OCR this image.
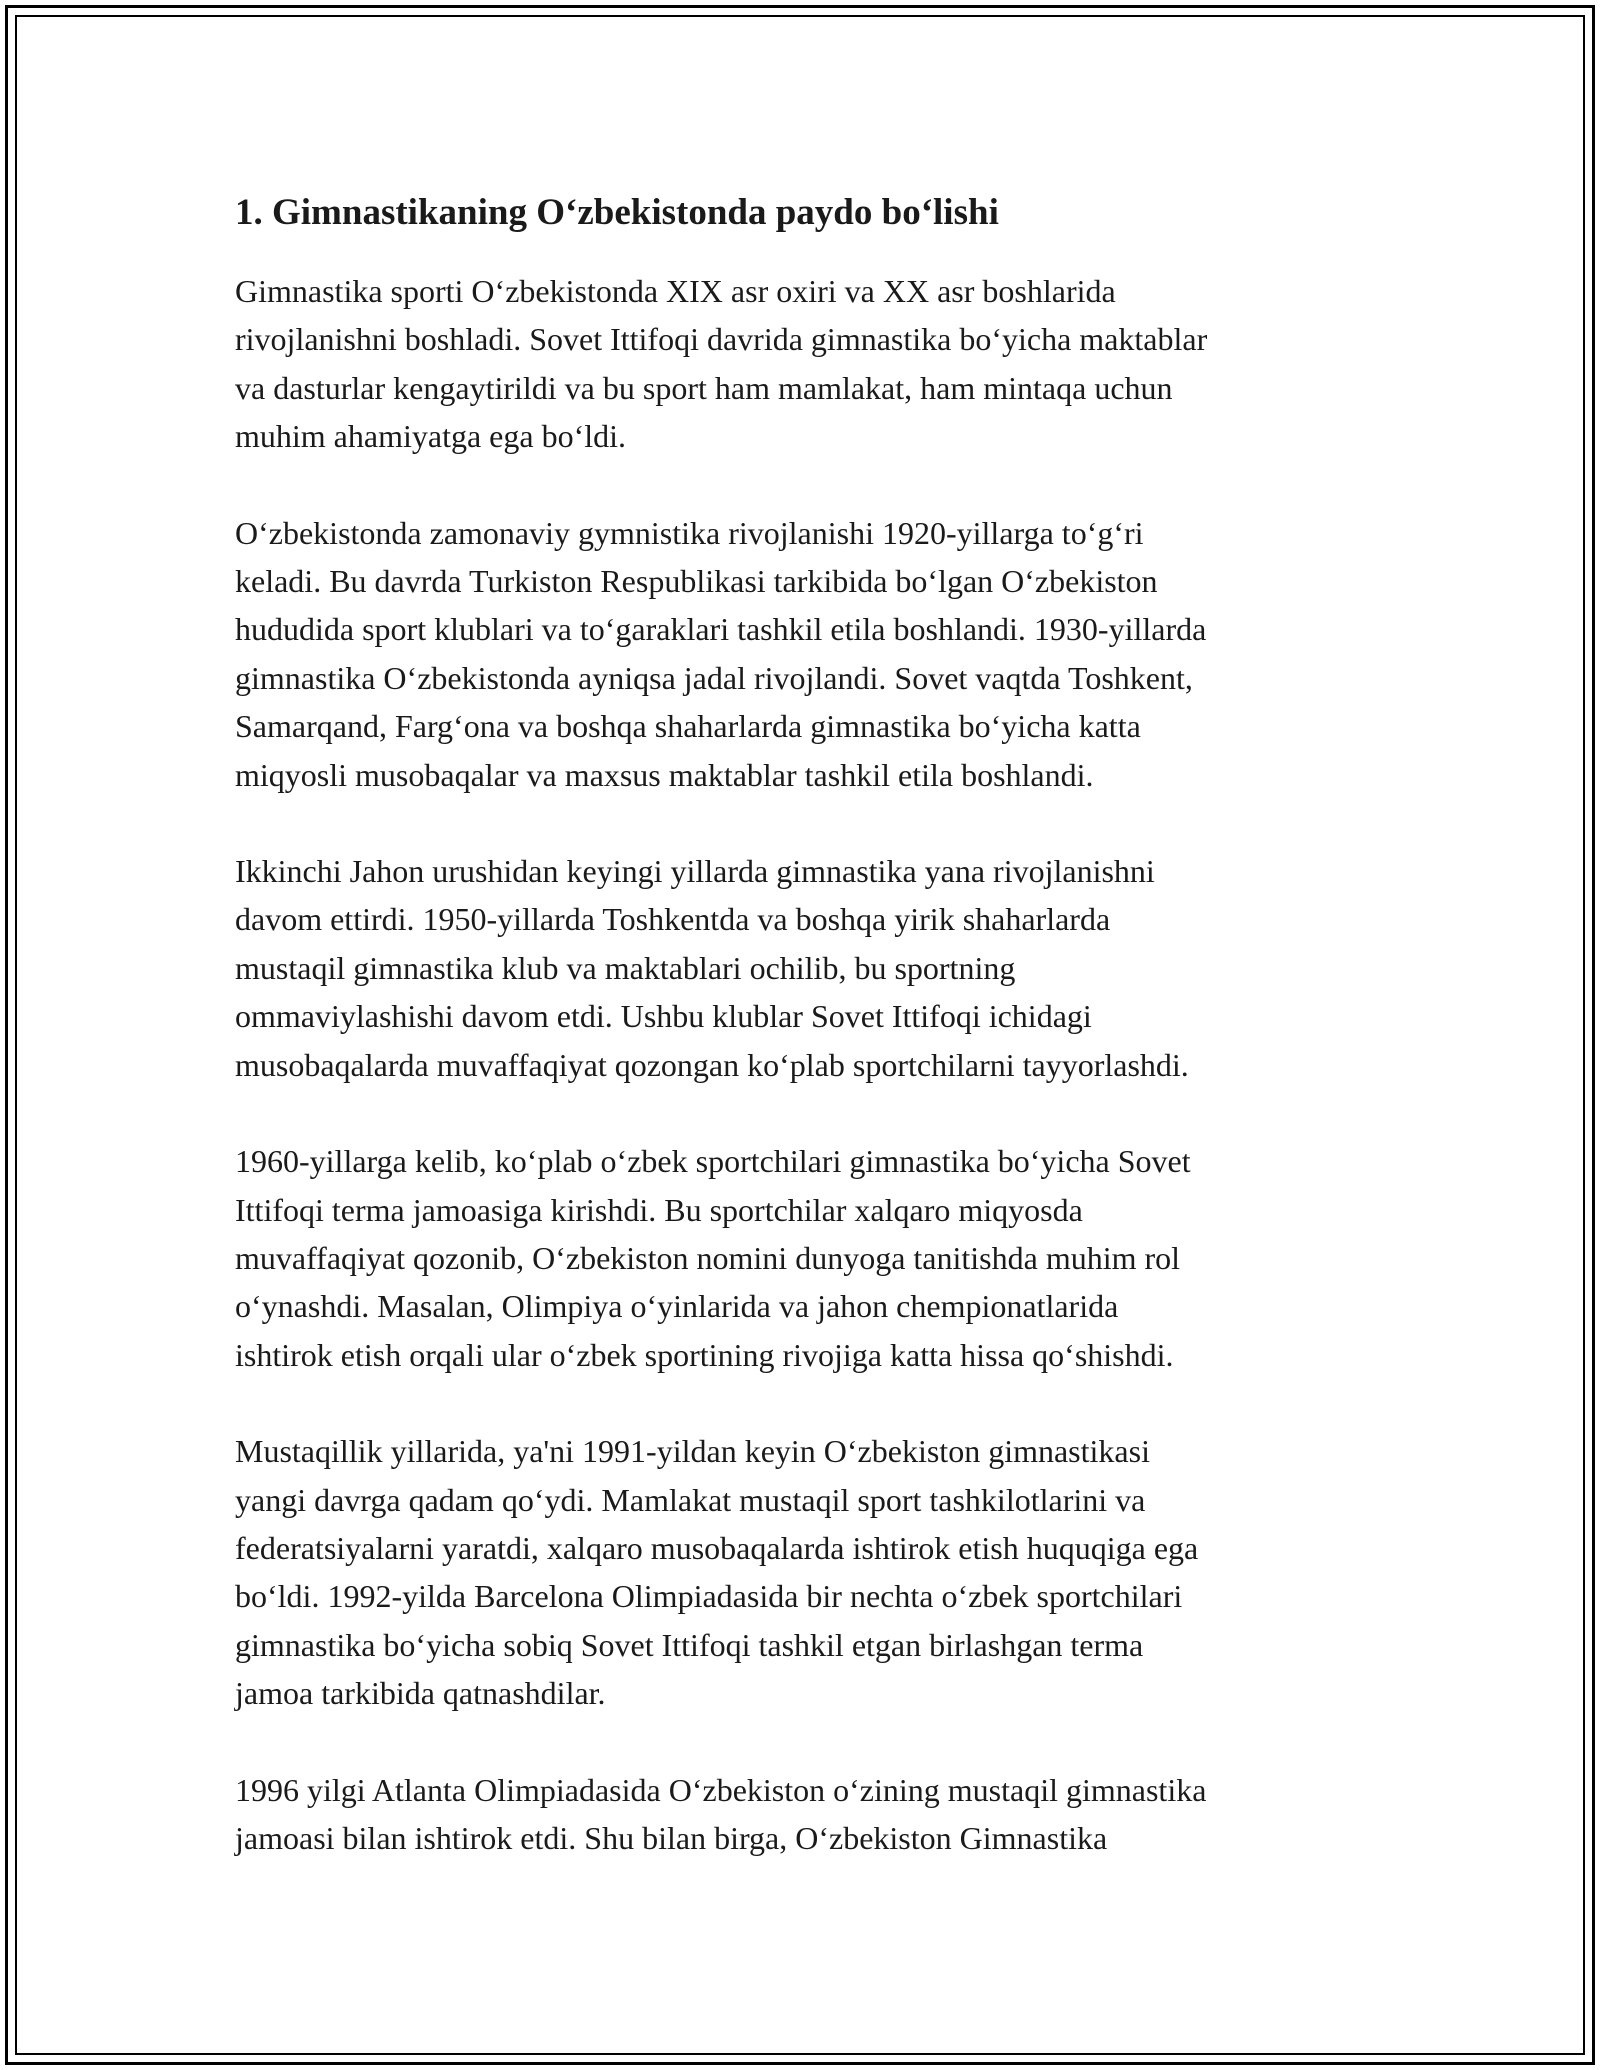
1. Gimnastikaning O‘zbekistonda paydo bo‘lishi

Gimnastika sporti O‘zbekistonda XIX asr oxiri va XX asr boshlarida
rivojlanishni boshladi. Sovet Ittifoqi davrida gimnastika bo‘yicha maktablar
va dasturlar kengaytirildi va bu sport ham mamlakat, ham mintaqa uchun
muhim ahamiyatga ega bo‘ldi.

O‘zbekistonda zamonaviy gymnistika rivojlanishi 1920-yillarga to‘g‘ri
keladi. Bu davrda Turkiston Respublikasi tarkibida bo‘lgan O‘zbekiston
hududida sport klublari va to‘garaklari tashkil etila boshlandi. 1930-yillarda
gimnastika O‘zbekistonda ayniqsa jadal rivojlandi. Sovet vaqtda Toshkent,
Samarqand, Farg‘ona va boshqa shaharlarda gimnastika bo‘yicha katta
miqyosli musobaqalar va maxsus maktablar tashkil etila boshlandi.

Ikkinchi Jahon urushidan keyingi yillarda gimnastika yana rivojlanishni
davom ettirdi. 1950-yillarda Toshkentda va boshqa yirik shaharlarda
mustaqil gimnastika klub va maktablari ochilib, bu sportning
ommaviylashishi davom etdi. Ushbu klublar Sovet Ittifoqi ichidagi
musobaqalarda muvaffaqiyat qozongan ko‘plab sportchilarni tayyorlashdi.

1960-yillarga kelib, ko‘plab o‘zbek sportchilari gimnastika bo‘yicha Sovet
Ittifoqi terma jamoasiga kirishdi. Bu sportchilar xalqaro miqyosda
muvaffaqiyat qozonib, O‘zbekiston nomini dunyoga tanitishda muhim rol
o‘ynashdi. Masalan, Olimpiya o‘yinlarida va jahon chempionatlarida
ishtirok etish orqali ular o‘zbek sportining rivojiga katta hissa qo‘shishdi.

Mustaqillik yillarida, ya'ni 1991-yildan keyin O‘zbekiston gimnastikasi
yangi davrga qadam qo‘ydi. Mamlakat mustaqil sport tashkilotlarini va
federatsiyalarni yaratdi, xalqaro musobaqalarda ishtirok etish huquqiga ega
bo‘ldi. 1992-yilda Barcelona Olimpiadasida bir nechta o‘zbek sportchilari
gimnastika bo‘yicha sobiq Sovet Ittifoqi tashkil etgan birlashgan terma
jamoa tarkibida qatnashdilar.

1996 yilgi Atlanta Olimpiadasida O‘zbekiston o‘zining mustaqil gimnastika
jamoasi bilan ishtirok etdi. Shu bilan birga, O‘zbekiston Gimnastika
